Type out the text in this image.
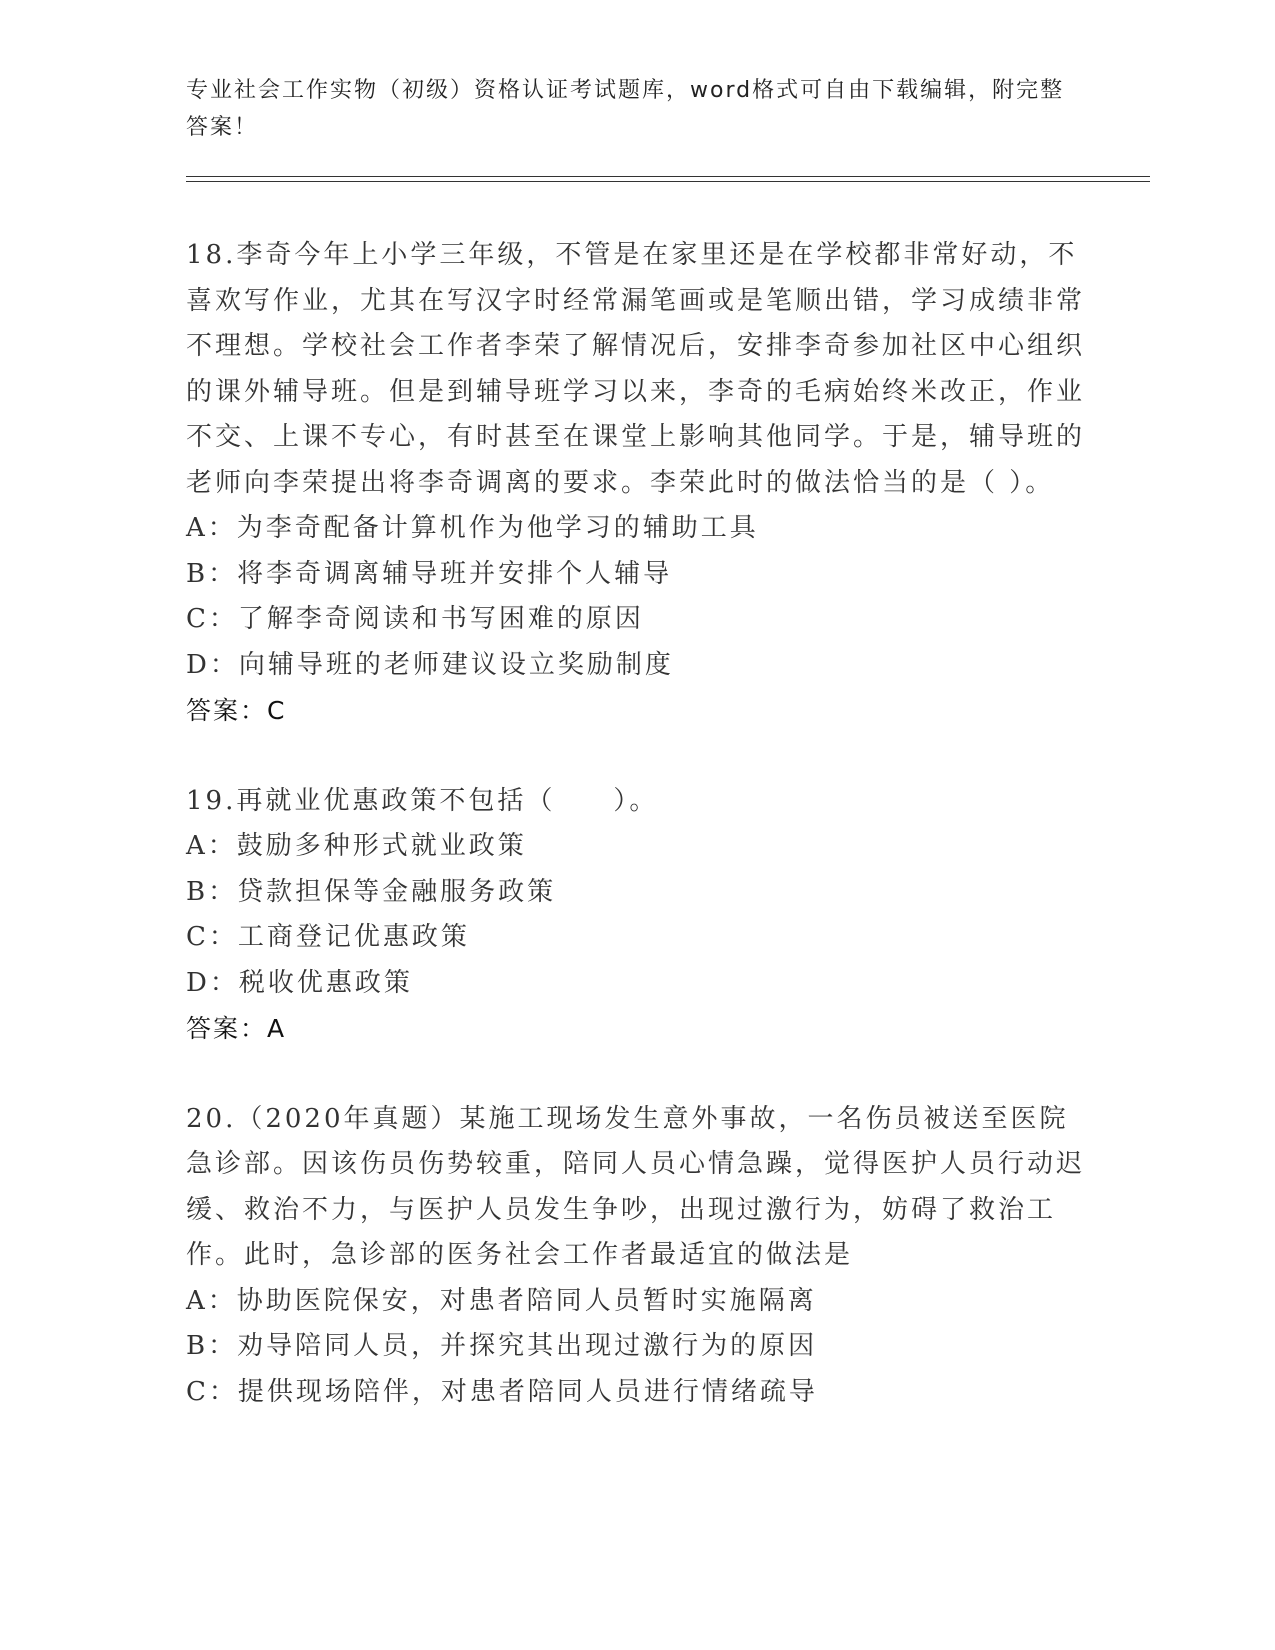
专业社会工作实物（初级）资格认证考试题库，word格式可自由下载编辑，附完整答案！

18.李奇今年上小学三年级，不管是在家里还是在学校都非常好动，不喜欢写作业，尤其在写汉字时经常漏笔画或是笔顺出错，学习成绩非常不理想。学校社会工作者李荣了解情况后，安排李奇参加社区中心组织的课外辅导班。但是到辅导班学习以来，李奇的毛病始终米改正，作业不交、上课不专心，有时甚至在课堂上影响其他同学。于是，辅导班的老师向李荣提出将李奇调离的要求。李荣此时的做法恰当的是（ ）。

A：为李奇配备计算机作为他学习的辅助工具

B：将李奇调离辅导班并安排个人辅导

C：了解李奇阅读和书写困难的原因

D：向辅导班的老师建议设立奖励制度

答案：C

19.再就业优惠政策不包括（　　）。

A：鼓励多种形式就业政策

B：贷款担保等金融服务政策

C：工商登记优惠政策

D：税收优惠政策

答案：A

20.（2020年真题）某施工现场发生意外事故，一名伤员被送至医院急诊部。因该伤员伤势较重，陪同人员心情急躁，觉得医护人员行动迟缓、救治不力，与医护人员发生争吵，出现过激行为，妨碍了救治工作。此时，急诊部的医务社会工作者最适宜的做法是

A：协助医院保安，对患者陪同人员暂时实施隔离

B：劝导陪同人员，并探究其出现过激行为的原因

C：提供现场陪伴，对患者陪同人员进行情绪疏导
